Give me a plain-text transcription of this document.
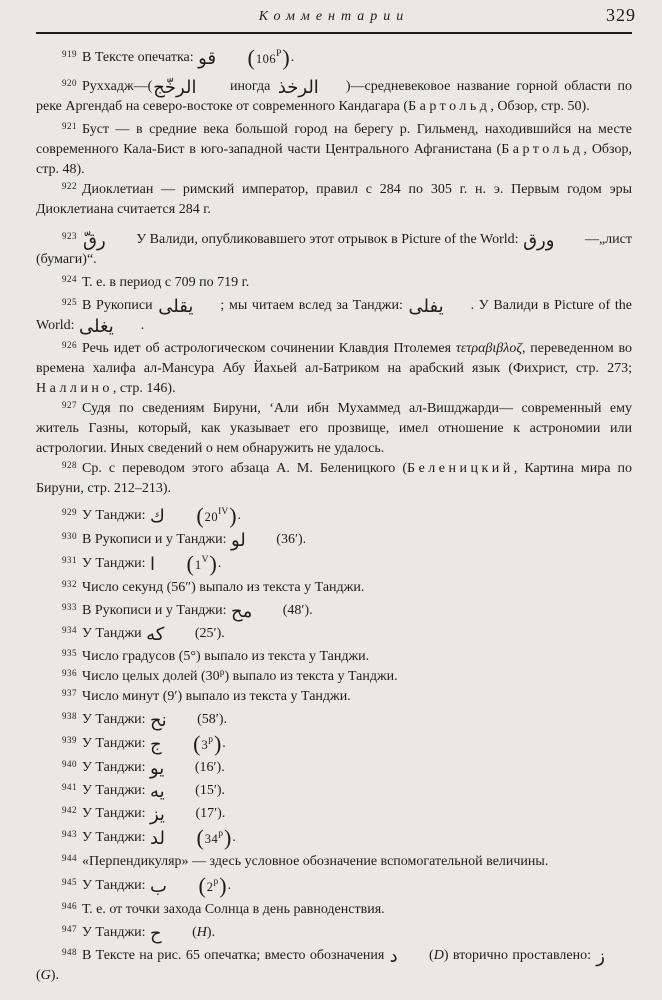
Комментарии	329

$^{919}$ В Тексте опечатка: قو $(106^P)$.

$^{920}$ Руххадж—(الرخّج иногда الرخذ )—средневековое название горной области по реке Аргендаб на северо-востоке от современного Кандагара (Бартольд, Обзор, стр. 50).

$^{921}$ Буст — в средние века большой город на берегу р. Гильменд, находившийся на месте современного Кала-Бист в юго-западной части Центрального Афганистана (Бартольд, Обзор, стр. 48).

$^{922}$ Диоклетиан — римский император, правил с 284 по 305 г. н. э. Первым годом эры Диоклетиана считается 284 г.

$^{923}$ رقّ У Валиди, опубликовавшего этот отрывок в Picture of the World: ورق —„лист (бумаги)“.

$^{924}$ Т. е. в период с 709 по 719 г.

$^{925}$ В Рукописи يقلى ; мы читаем вслед за Танджи: يفلى . У Валиди в Picture of the World: يغلى .

$^{926}$ Речь идет об астрологическом сочинении Клавдия Птолемея τετραβιβλοζ, переведенном во времена халифа ал-Мансура Абу Йахьей ал-Батриком на арабский язык (Фихрист, стр. 273; Наллино, стр. 146).

$^{927}$ Судя по сведениям Бируни, ‘Али ибн Мухаммед ал-Вишджарди— современный ему житель Газны, который, как указывает его прозвище, имел отношение к астрономии или астрологии. Иных сведений о нем обнаружить не удалось.

$^{928}$ Ср. с переводом этого абзаца А. М. Беленицкого (Беленицкий, Картина мира по Бируни, стр. 212–213).

$^{929}$ У Танджи: ك $(20^{IV})$.

$^{930}$ В Рукописи и у Танджи: لو (36′).

$^{931}$ У Танджи: ا $(1^V)$.

$^{932}$ Число секунд (56″) выпало из текста у Танджи.

$^{933}$ В Рукописи и у Танджи: مح (48′).

$^{934}$ У Танджи كه (25′).

$^{935}$ Число градусов (5°) выпало из текста у Танджи.

$^{936}$ Число целых долей (30$^p$) выпало из текста у Танджи.

$^{937}$ Число минут (9′) выпало из текста у Танджи.

$^{938}$ У Танджи: نح (58′).

$^{939}$ У Танджи: ج (3$^p$).

$^{940}$ У Танджи: يو (16′).

$^{941}$ У Танджи: يه (15′).

$^{942}$ У Танджи: يز (17′).

$^{943}$ У Танджи: لد (34$^p$).

$^{944}$ «Перпендикуляр» — здесь условное обозначение вспомогательной величины.

$^{945}$ У Танджи: ب (2$^p$).

$^{946}$ Т. е. от точки захода Солнца в день равноденствия.

$^{947}$ У Танджи: ح (H).

$^{948}$ В Тексте на рис. 65 опечатка; вместо обозначения د (D) вторично проставлено: ز (G).
